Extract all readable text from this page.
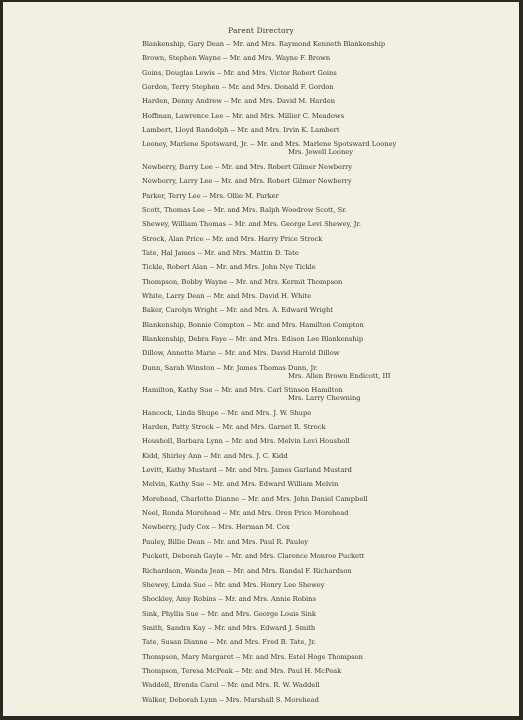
Parent Directory
Blankenship, Gary Dean -- Mr. and Mrs. Raymond Kenneth Blankenship
Brown, Stephen Wayne -- Mr. and Mrs. Wayne F. Brown
Goins, Douglas Lewis -- Mr. and Mrs. Victor Robert Goins
Gordon, Terry Stephen -- Mr. and Mrs. Donald F. Gordon
Harden, Denny Andrew -- Mr. and Mrs. David M. Harden
Hoffman, Lawrence Lee -- Mr. and Mrs. Millier C. Meadows
Lambert, Lloyd Randolph -- Mr. and Mrs. Irvin K. Lambert
Looney, Marlene Spotsward, Jr. -- Mr. and Mrs. Marlene Spotsward Looney
Mrs. Jewell Looney
Newberry, Barry Lee -- Mr. and Mrs. Robert Gilmer Newberry
Newberry, Larry Lee -- Mr. and Mrs. Robert Gilmer Newberry
Parker, Terry Lee -- Mrs. Ollie M. Parker
Scott, Thomas Lee -- Mr. and Mrs. Ralph Woodrow Scott, Sr.
Shewey, William Thomas -- Mr. and Mrs. George Levi Shewey, Jr.
Strock, Alan Price -- Mr. and Mrs. Harry Price Strock
Tate, Hal James -- Mr. and Mrs. Mattin D. Tate
Tickle, Robert Alan -- Mr. and Mrs. John Nye Tickle
Thompson, Bobby Wayne -- Mr. and Mrs. Kermit Thompson
White, Larry Dean -- Mr. and Mrs. David H. White
Baker, Carolyn Wright -- Mr. and Mrs. A. Edward Wright
Blankenship, Bonnie Compton -- Mr. and Mrs. Hamilton Compton
Blankenship, Debra Faye -- Mr. and Mrs. Edison Lee Blankenship
Dillow, Annette Marie -- Mr. and Mrs. David Harold Dillow
Dunn, Sarah Winston -- Mr. James Thomas Dunn, Jr.
Mrs. Allen Brown Endicott, III
Hamilton, Kathy Sue -- Mr. and Mrs. Carl Stinson Hamilton
Mrs. Larry Chewning
Hancock, Linda Shupe -- Mr. and Mrs. J. W. Shupe
Harden, Patty Strock -- Mr. and Mrs. Garnet R. Strock
Housholl, Barbara Lynn -- Mr. and Mrs. Melvin Levi Housholl
Kidd, Shirley Ann -- Mr. and Mrs. J. C. Kidd
Levitt, Kathy Mustard -- Mr. and Mrs. James Garland Mustard
Melvin, Kathy Sue -- Mr. and Mrs. Edward William Melvin
Morehead, Charlotte Dianne -- Mr. and Mrs. John Daniel Campbell
Neel, Ronda Morehead -- Mr. and Mrs. Oren Price Morehead
Newberry, Judy Cox -- Mrs. Herman M. Cox
Pauley, Billie Dean -- Mr. and Mrs. Paul R. Pauley
Puckett, Deborah Gayle -- Mr. and Mrs. Clarence Monroe Puckett
Richardson, Wanda Jean -- Mr. and Mrs. Randal F. Richardson
Shewey, Linda Sue -- Mr. and Mrs. Henry Lee Shewey
Shockley, Amy Robins -- Mr. and Mrs. Annie Robins
Sink, Phyllis Sue -- Mr. and Mrs. George Louis Sink
Smith, Sandra Kay -- Mr. and Mrs. Edward J. Smith
Tate, Susan Dianne -- Mr. and Mrs. Fred B. Tate, Jr.
Thompson, Mary Margaret -- Mr. and Mrs. Estel Hoge Thompson
Thompson, Teresa McPeak -- Mr. and Mrs. Paul H. McPeak
Waddell, Brenda Carol -- Mr. and Mrs. R. W. Waddell
Walker, Deborah Lynn -- Mrs. Marshall S. Morehead
